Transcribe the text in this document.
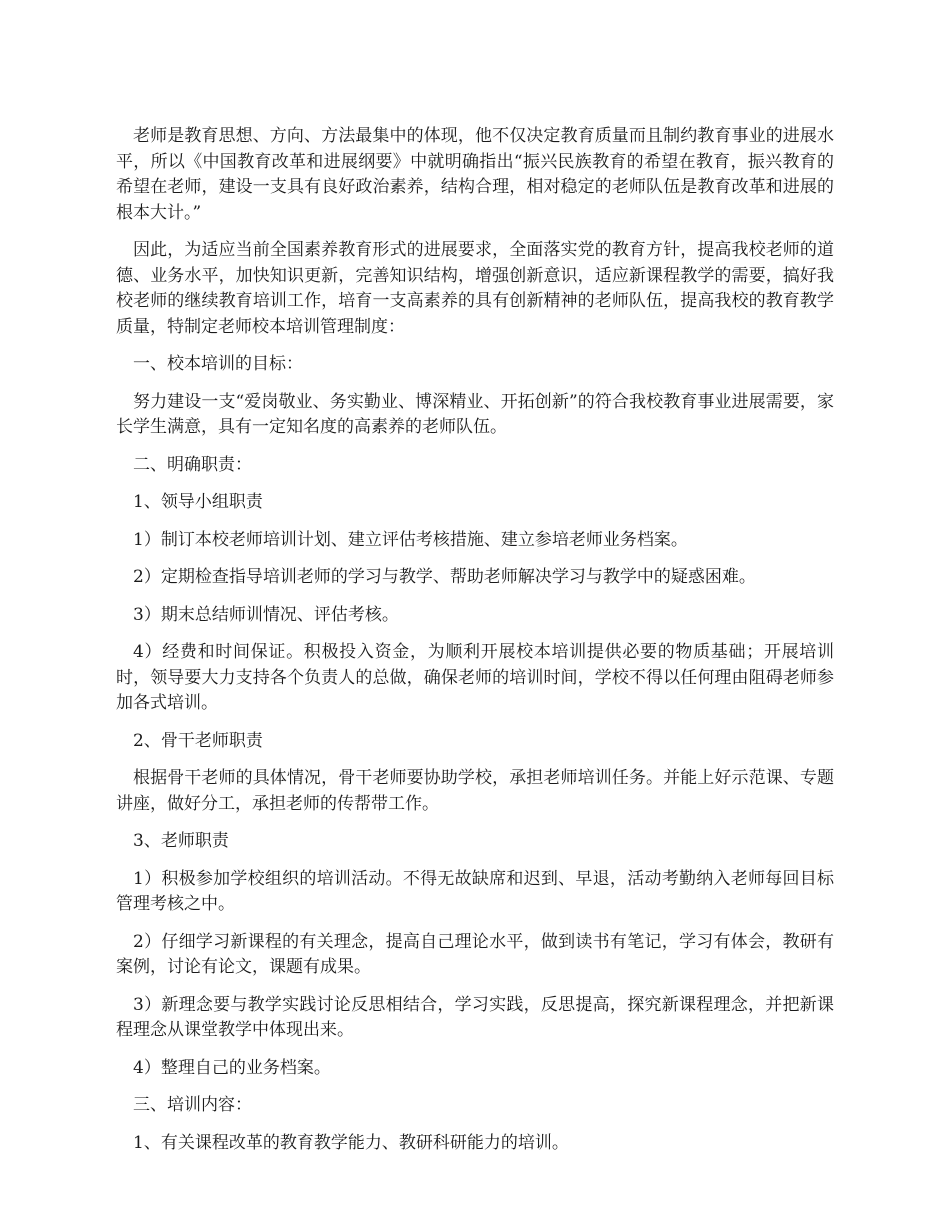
老师是教育思想、方向、方法最集中的体现，他不仅决定教育质量而且制约教育事业的进展水平，所以《中国教育改革和进展纲要》中就明确指出“振兴民族教育的希望在教育，振兴教育的希望在老师，建设一支具有良好政治素养，结构合理，相对稳定的老师队伍是教育改革和进展的根本大计。”

因此，为适应当前全国素养教育形式的进展要求，全面落实党的教育方针，提高我校老师的道德、业务水平，加快知识更新，完善知识结构，增强创新意识，适应新课程教学的需要，搞好我校老师的继续教育培训工作，培育一支高素养的具有创新精神的老师队伍，提高我校的教育教学质量，特制定老师校本培训管理制度：

一、校本培训的目标：

努力建设一支“爱岗敬业、务实勤业、博深精业、开拓创新”的符合我校教育事业进展需要，家长学生满意，具有一定知名度的高素养的老师队伍。

二、明确职责：

1、领导小组职责

1）制订本校老师培训计划、建立评估考核措施、建立参培老师业务档案。

2）定期检查指导培训老师的学习与教学、帮助老师解决学习与教学中的疑惑困难。

3）期末总结师训情况、评估考核。

4）经费和时间保证。积极投入资金，为顺利开展校本培训提供必要的物质基础；开展培训时，领导要大力支持各个负责人的总做，确保老师的培训时间，学校不得以任何理由阻碍老师参加各式培训。

2、骨干老师职责

根据骨干老师的具体情况，骨干老师要协助学校，承担老师培训任务。并能上好示范课、专题讲座，做好分工，承担老师的传帮带工作。

3、老师职责

1）积极参加学校组织的培训活动。不得无故缺席和迟到、早退，活动考勤纳入老师每回目标管理考核之中。

2）仔细学习新课程的有关理念，提高自己理论水平，做到读书有笔记，学习有体会，教研有案例，讨论有论文，课题有成果。

3）新理念要与教学实践讨论反思相结合，学习实践，反思提高，探究新课程理念，并把新课程理念从课堂教学中体现出来。

4）整理自己的业务档案。

三、培训内容：

1、有关课程改革的教育教学能力、教研科研能力的培训。
